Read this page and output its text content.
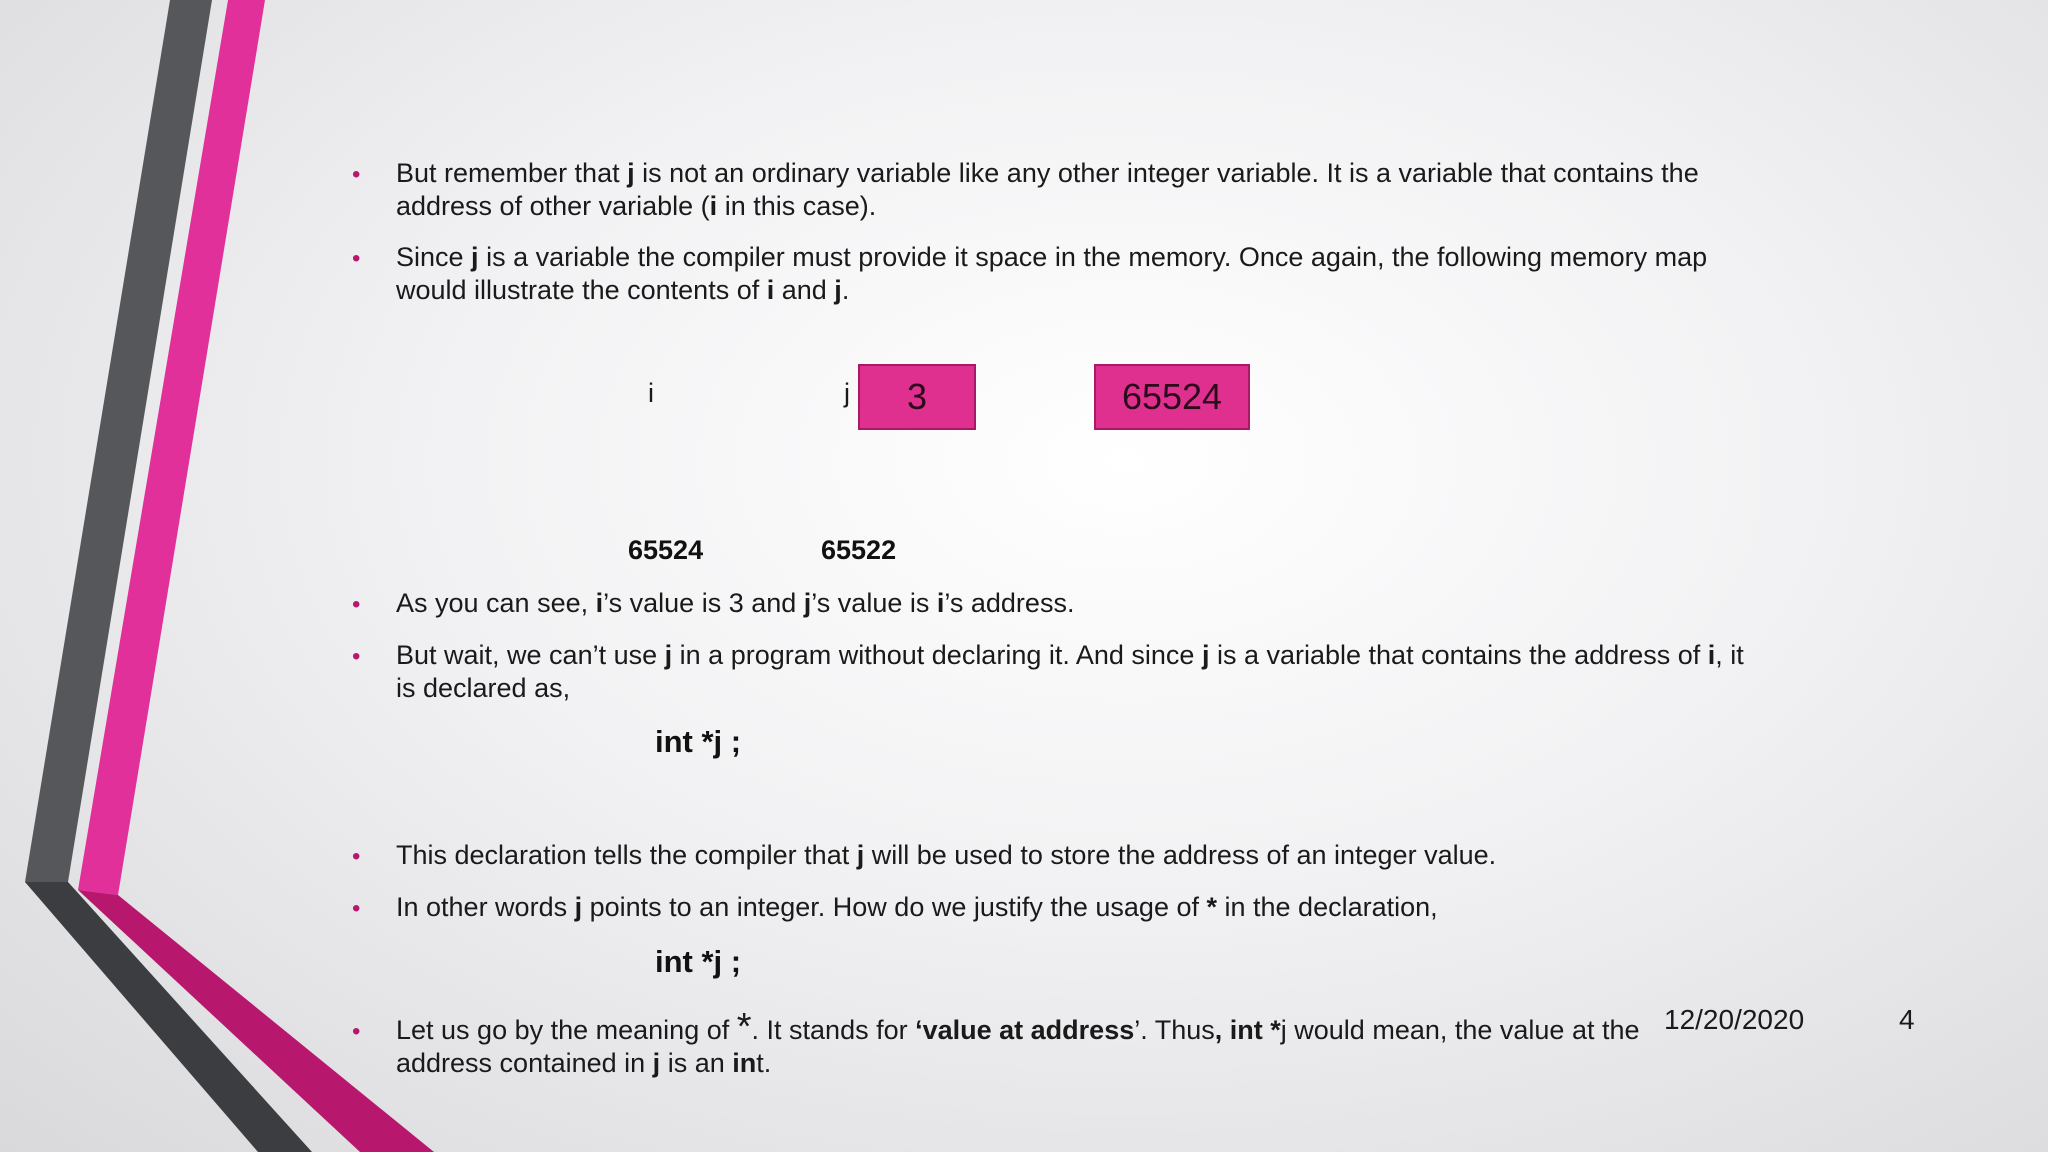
• But remember that j is not an ordinary variable like any other integer variable. It is a variable that contains the address of other variable (i in this case).
• Since j is a variable the compiler must provide it space in the memory. Once again, the following memory map would illustrate the contents of i and j.
i	j	3	65524
65524	65522
• As you can see, i’s value is 3 and j’s value is i’s address.
• But wait, we can’t use j in a program without declaring it. And since j is a variable that contains the address of i, it is declared as,
int *j ;
• This declaration tells the compiler that j will be used to store the address of an integer value.
• In other words j points to an integer. How do we justify the usage of * in the declaration,
int *j ;
• Let us go by the meaning of *. It stands for ‘value at address’. Thus, int *j would mean, the value at the address contained in j is an int.
12/20/2020	4
